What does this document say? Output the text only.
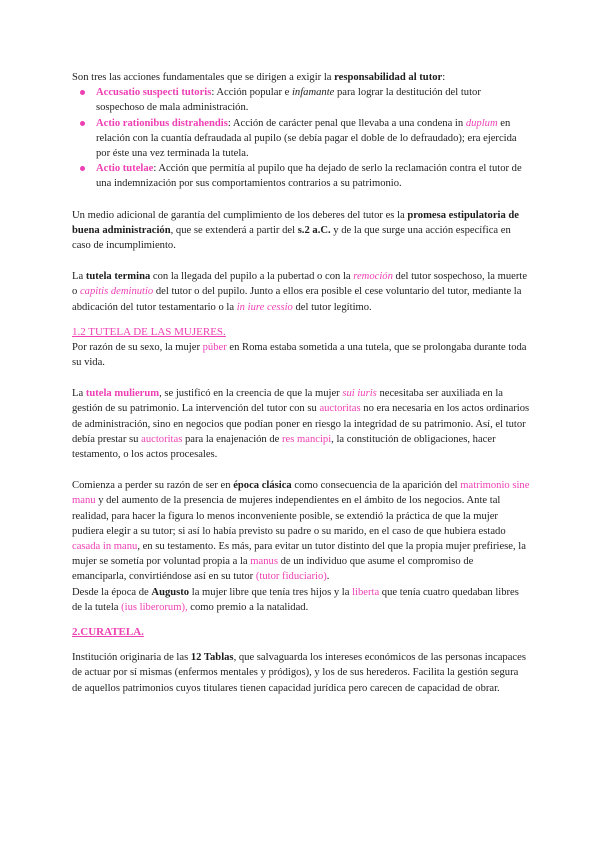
Son tres las acciones fundamentales que se dirigen a exigir la responsabilidad al tutor:

Accusatio suspecti tutoris: Acción popular e infamante para lograr la destitución del tutor sospechoso de mala administración.
Actio rationibus distrahendis: Acción de carácter penal que llevaba a una condena in duplum en relación con la cuantía defraudada al pupilo (se debía pagar el doble de lo defraudado); era ejercida por éste una vez terminada la tutela.
Actio tutelae: Acción que permitía al pupilo que ha dejado de serlo la reclamación contra el tutor de una indemnización por sus comportamientos contrarios a su patrimonio.

Un medio adicional de garantía del cumplimiento de los deberes del tutor es la promesa estipulatoria de buena administración, que se extenderá a partir del s.2 a.C. y de la que surge una acción específica en caso de incumplimiento.

La tutela termina con la llegada del pupilo a la pubertad o con la remoción del tutor sospechoso, la muerte o capitis deminutio del tutor o del pupilo. Junto a ellos era posible el cese voluntario del tutor, mediante la abdicación del tutor testamentario o la in iure cessio del tutor legítimo.

1.2 TUTELA DE LAS MUJERES.

Por razón de su sexo, la mujer púber en Roma estaba sometida a una tutela, que se prolongaba durante toda su vida.

La tutela mulierum, se justificó en la creencia de que la mujer sui iuris necesitaba ser auxiliada en la gestión de su patrimonio. La intervención del tutor con su auctoritas no era necesaria en los actos ordinarios de administración, sino en negocios que podían poner en riesgo la integridad de su patrimonio. Así, el tutor debía prestar su auctoritas para la enajenación de res mancipi, la constitución de obligaciones, hacer testamento, o los actos procesales.

Comienza a perder su razón de ser en época clásica como consecuencia de la aparición del matrimonio sine manu y del aumento de la presencia de mujeres independientes en el ámbito de los negocios. Ante tal realidad, para hacer la figura lo menos inconveniente posible, se extendió la práctica de que la mujer pudiera elegir a su tutor; si así lo había previsto su padre o su marido, en el caso de que hubiera estado casada in manu, en su testamento. Es más, para evitar un tutor distinto del que la propia mujer prefiriese, la mujer se sometía por voluntad propia a la manus de un individuo que asume el compromiso de emanciparla, convirtiéndose así en su tutor (tutor fiduciario).

Desde la época de Augusto la mujer libre que tenía tres hijos y la liberta que tenía cuatro quedaban libres de la tutela (ius liberorum), como premio a la natalidad.

2.CURATELA.

Institución originaria de las 12 Tablas, que salvaguarda los intereses económicos de las personas incapaces de actuar por sí mismas (enfermos mentales y pródigos), y los de sus herederos. Facilita la gestión segura de aquellos patrimonios cuyos titulares tienen capacidad jurídica pero carecen de capacidad de obrar.
